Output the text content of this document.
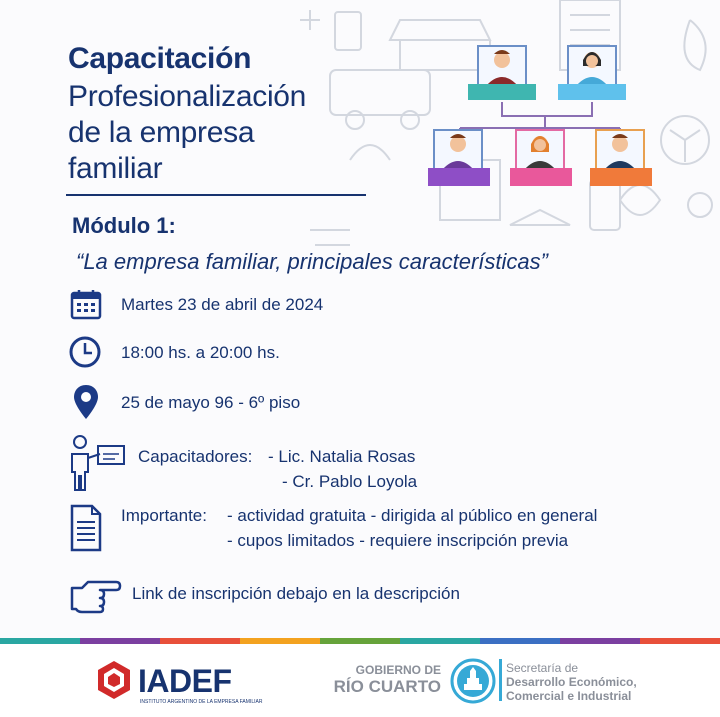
Capacitación
Profesionalización
de la empresa
familiar
Módulo 1:
“La empresa familiar, principales características”
Martes 23 de abril de 2024
18:00 hs. a 20:00 hs.
25 de mayo 96 - 6º piso
Capacitadores: - Lic. Natalia Rosas
- Cr. Pablo Loyola
Importante: - actividad gratuita - dirigida al público en general
- cupos limitados - requiere inscripción previa
Link de inscripción debajo en la descripción
IADEF
INSTITUTO ARGENTINO DE LA EMPRESA FAMILIAR
GOBIERNO DE
RÍO CUARTO
Secretaría de
Desarrollo Económico,
Comercial e Industrial
